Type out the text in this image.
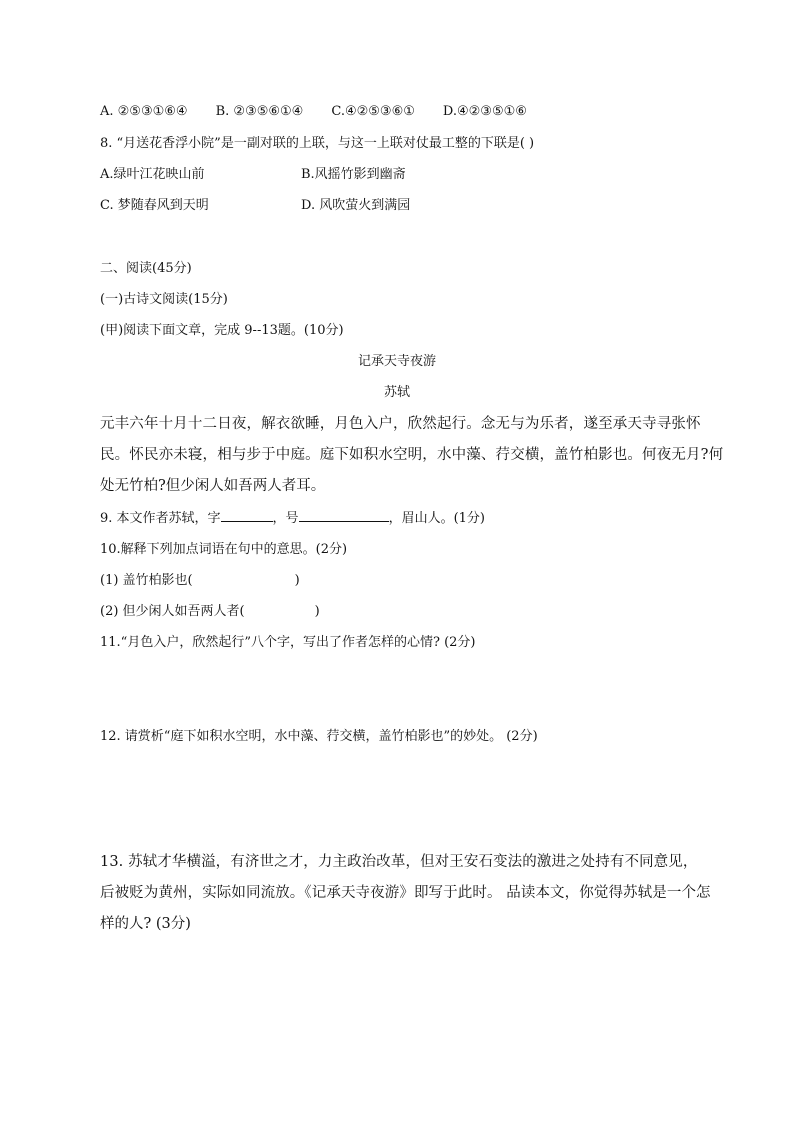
A. ②⑤③①⑥④ B. ②③⑤⑥①④ C.④②⑤③⑥① D.④②③⑤①⑥
8. “月送花香浮小院”是一副对联的上联，与这一上联对仗最工整的下联是( )
A.绿叶江花映山前	B.风摇竹影到幽斋
C. 梦随春风到天明	D. 风吹萤火到满园
二、阅读(45分)
(一)古诗文阅读(15分)
(甲)阅读下面文章，完成 9--13题。(10分)
记承天寺夜游
苏轼
元丰六年十月十二日夜，解衣欲睡，月色入户，欣然起行。念无与为乐者，遂至承天寺寻张怀
民。怀民亦未寝，相与步于中庭。庭下如积水空明，水中藻、荇交横，盖竹柏影也。何夜无月?何
处无竹柏?但少闲人如吾两人者耳。
9. 本文作者苏轼，字	，号	，眉山人。(1分)
10.解释下列加点词语在句中的意思。(2分)
(1) 盖竹柏影也(	)
(2) 但少闲人如吾两人者(	)
11.“月色入户，欣然起行”八个字，写出了作者怎样的心情? (2分)
12. 请赏析“庭下如积水空明，水中藻、荇交横，盖竹柏影也”的妙处。 (2分)
13. 苏轼才华横溢，有济世之才，力主政治改革，但对王安石变法的激进之处持有不同意见，
后被贬为黄州，实际如同流放。《记承天寺夜游》即写于此时。 品读本文，你觉得苏轼是一个怎
样的人? (3分)
